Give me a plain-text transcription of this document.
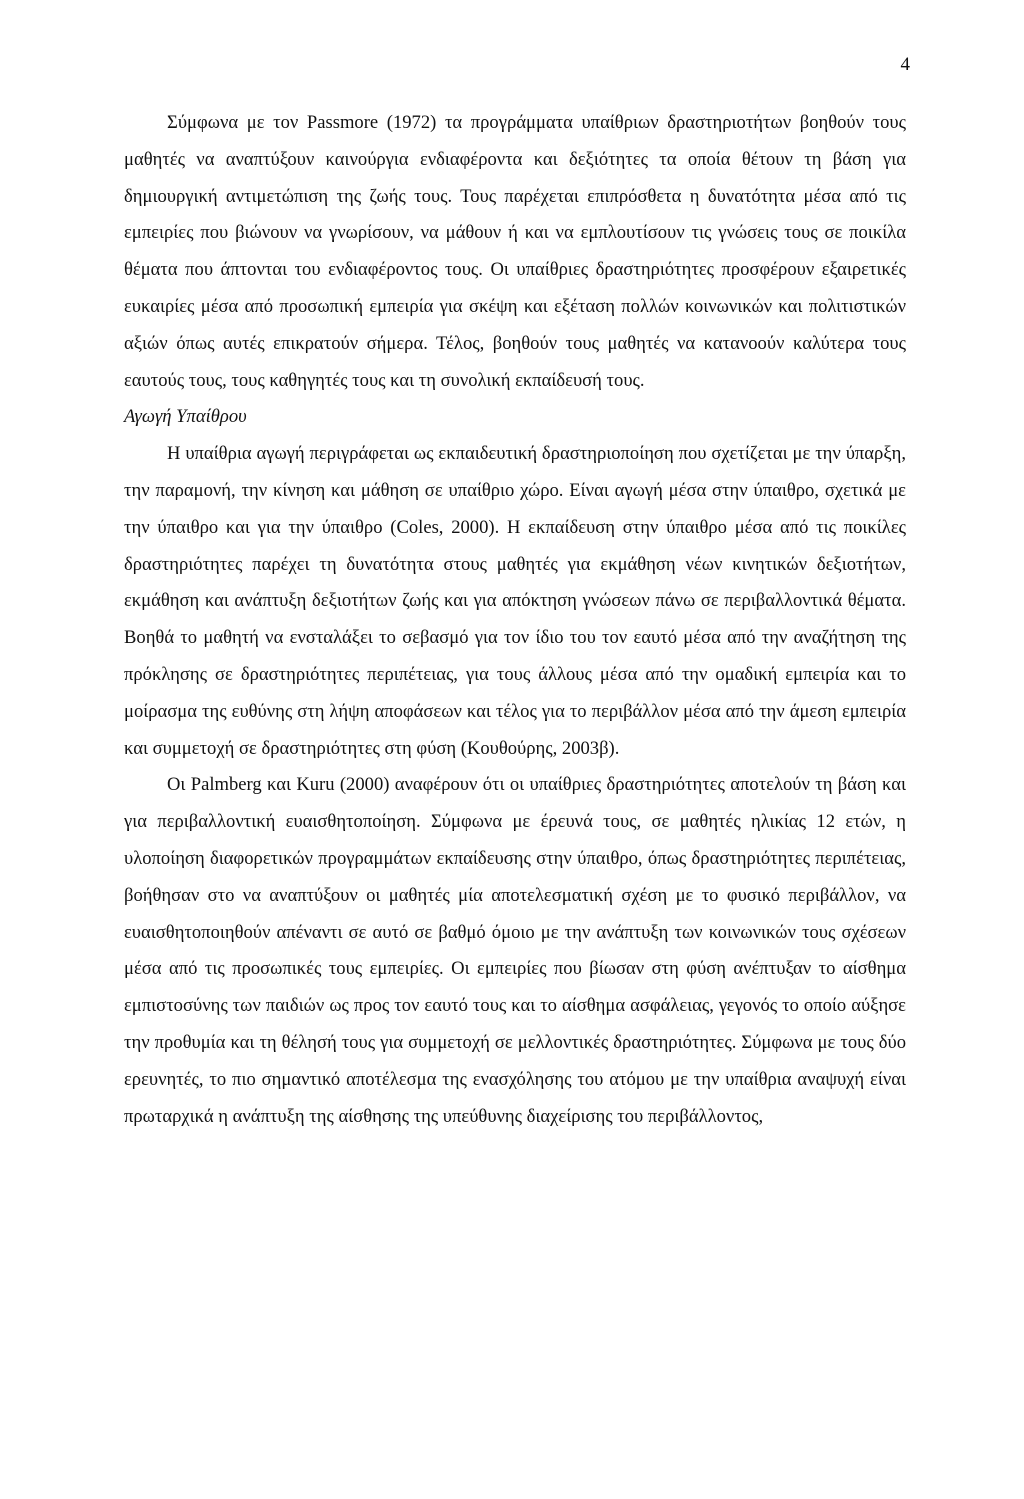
4

Σύμφωνα με τον Passmore (1972) τα προγράμματα υπαίθριων δραστηριοτήτων βοηθούν τους μαθητές να αναπτύξουν καινούργια ενδιαφέροντα και δεξιότητες τα οποία θέτουν τη βάση για δημιουργική αντιμετώπιση της ζωής τους. Τους παρέχεται επιπρόσθετα η δυνατότητα μέσα από τις εμπειρίες που βιώνουν να γνωρίσουν, να μάθουν ή και να εμπλουτίσουν τις γνώσεις τους σε ποικίλα θέματα που άπτονται του ενδιαφέροντος τους. Οι υπαίθριες δραστηριότητες προσφέρουν εξαιρετικές ευκαιρίες μέσα από προσωπική εμπειρία για σκέψη και εξέταση πολλών κοινωνικών και πολιτιστικών αξιών όπως αυτές επικρατούν σήμερα. Τέλος, βοηθούν τους μαθητές να κατανοούν καλύτερα τους εαυτούς τους, τους καθηγητές τους και τη συνολική εκπαίδευσή τους.

Αγωγή Υπαίθρου

Η υπαίθρια αγωγή περιγράφεται ως εκπαιδευτική δραστηριοποίηση που σχετίζεται με την ύπαρξη, την παραμονή, την κίνηση και μάθηση σε υπαίθριο χώρο. Είναι αγωγή μέσα στην ύπαιθρο, σχετικά με την ύπαιθρο και για την ύπαιθρο (Coles, 2000). Η εκπαίδευση στην ύπαιθρο μέσα από τις ποικίλες δραστηριότητες παρέχει τη δυνατότητα στους μαθητές για εκμάθηση νέων κινητικών δεξιοτήτων, εκμάθηση και ανάπτυξη δεξιοτήτων ζωής και για απόκτηση γνώσεων πάνω σε περιβαλλοντικά θέματα. Βοηθά το μαθητή να ενσταλάξει το σεβασμό για τον ίδιο του τον εαυτό μέσα από την αναζήτηση της πρόκλησης σε δραστηριότητες περιπέτειας, για τους άλλους μέσα από την ομαδική εμπειρία και το μοίρασμα της ευθύνης στη λήψη αποφάσεων και τέλος για το περιβάλλον μέσα από την άμεση εμπειρία και συμμετοχή σε δραστηριότητες στη φύση (Κουθούρης, 2003β).

Οι Palmberg και Kuru (2000) αναφέρουν ότι οι υπαίθριες δραστηριότητες αποτελούν τη βάση και για περιβαλλοντική ευαισθητοποίηση. Σύμφωνα με έρευνά τους, σε μαθητές ηλικίας 12 ετών, η υλοποίηση διαφορετικών προγραμμάτων εκπαίδευσης στην ύπαιθρο, όπως δραστηριότητες περιπέτειας, βοήθησαν στο να αναπτύξουν οι μαθητές μία αποτελεσματική σχέση με το φυσικό περιβάλλον, να ευαισθητοποιηθούν απέναντι σε αυτό σε βαθμό όμοιο με την ανάπτυξη των κοινωνικών τους σχέσεων μέσα από τις προσωπικές τους εμπειρίες. Οι εμπειρίες που βίωσαν στη φύση ανέπτυξαν το αίσθημα εμπιστοσύνης των παιδιών ως προς τον εαυτό τους και το αίσθημα ασφάλειας, γεγονός το οποίο αύξησε την προθυμία και τη θέλησή τους για συμμετοχή σε μελλοντικές δραστηριότητες. Σύμφωνα με τους δύο ερευνητές, το πιο σημαντικό αποτέλεσμα της ενασχόλησης του ατόμου με την υπαίθρια αναψυχή είναι πρωταρχικά η ανάπτυξη της αίσθησης της υπεύθυνης διαχείρισης του περιβάλλοντος,
